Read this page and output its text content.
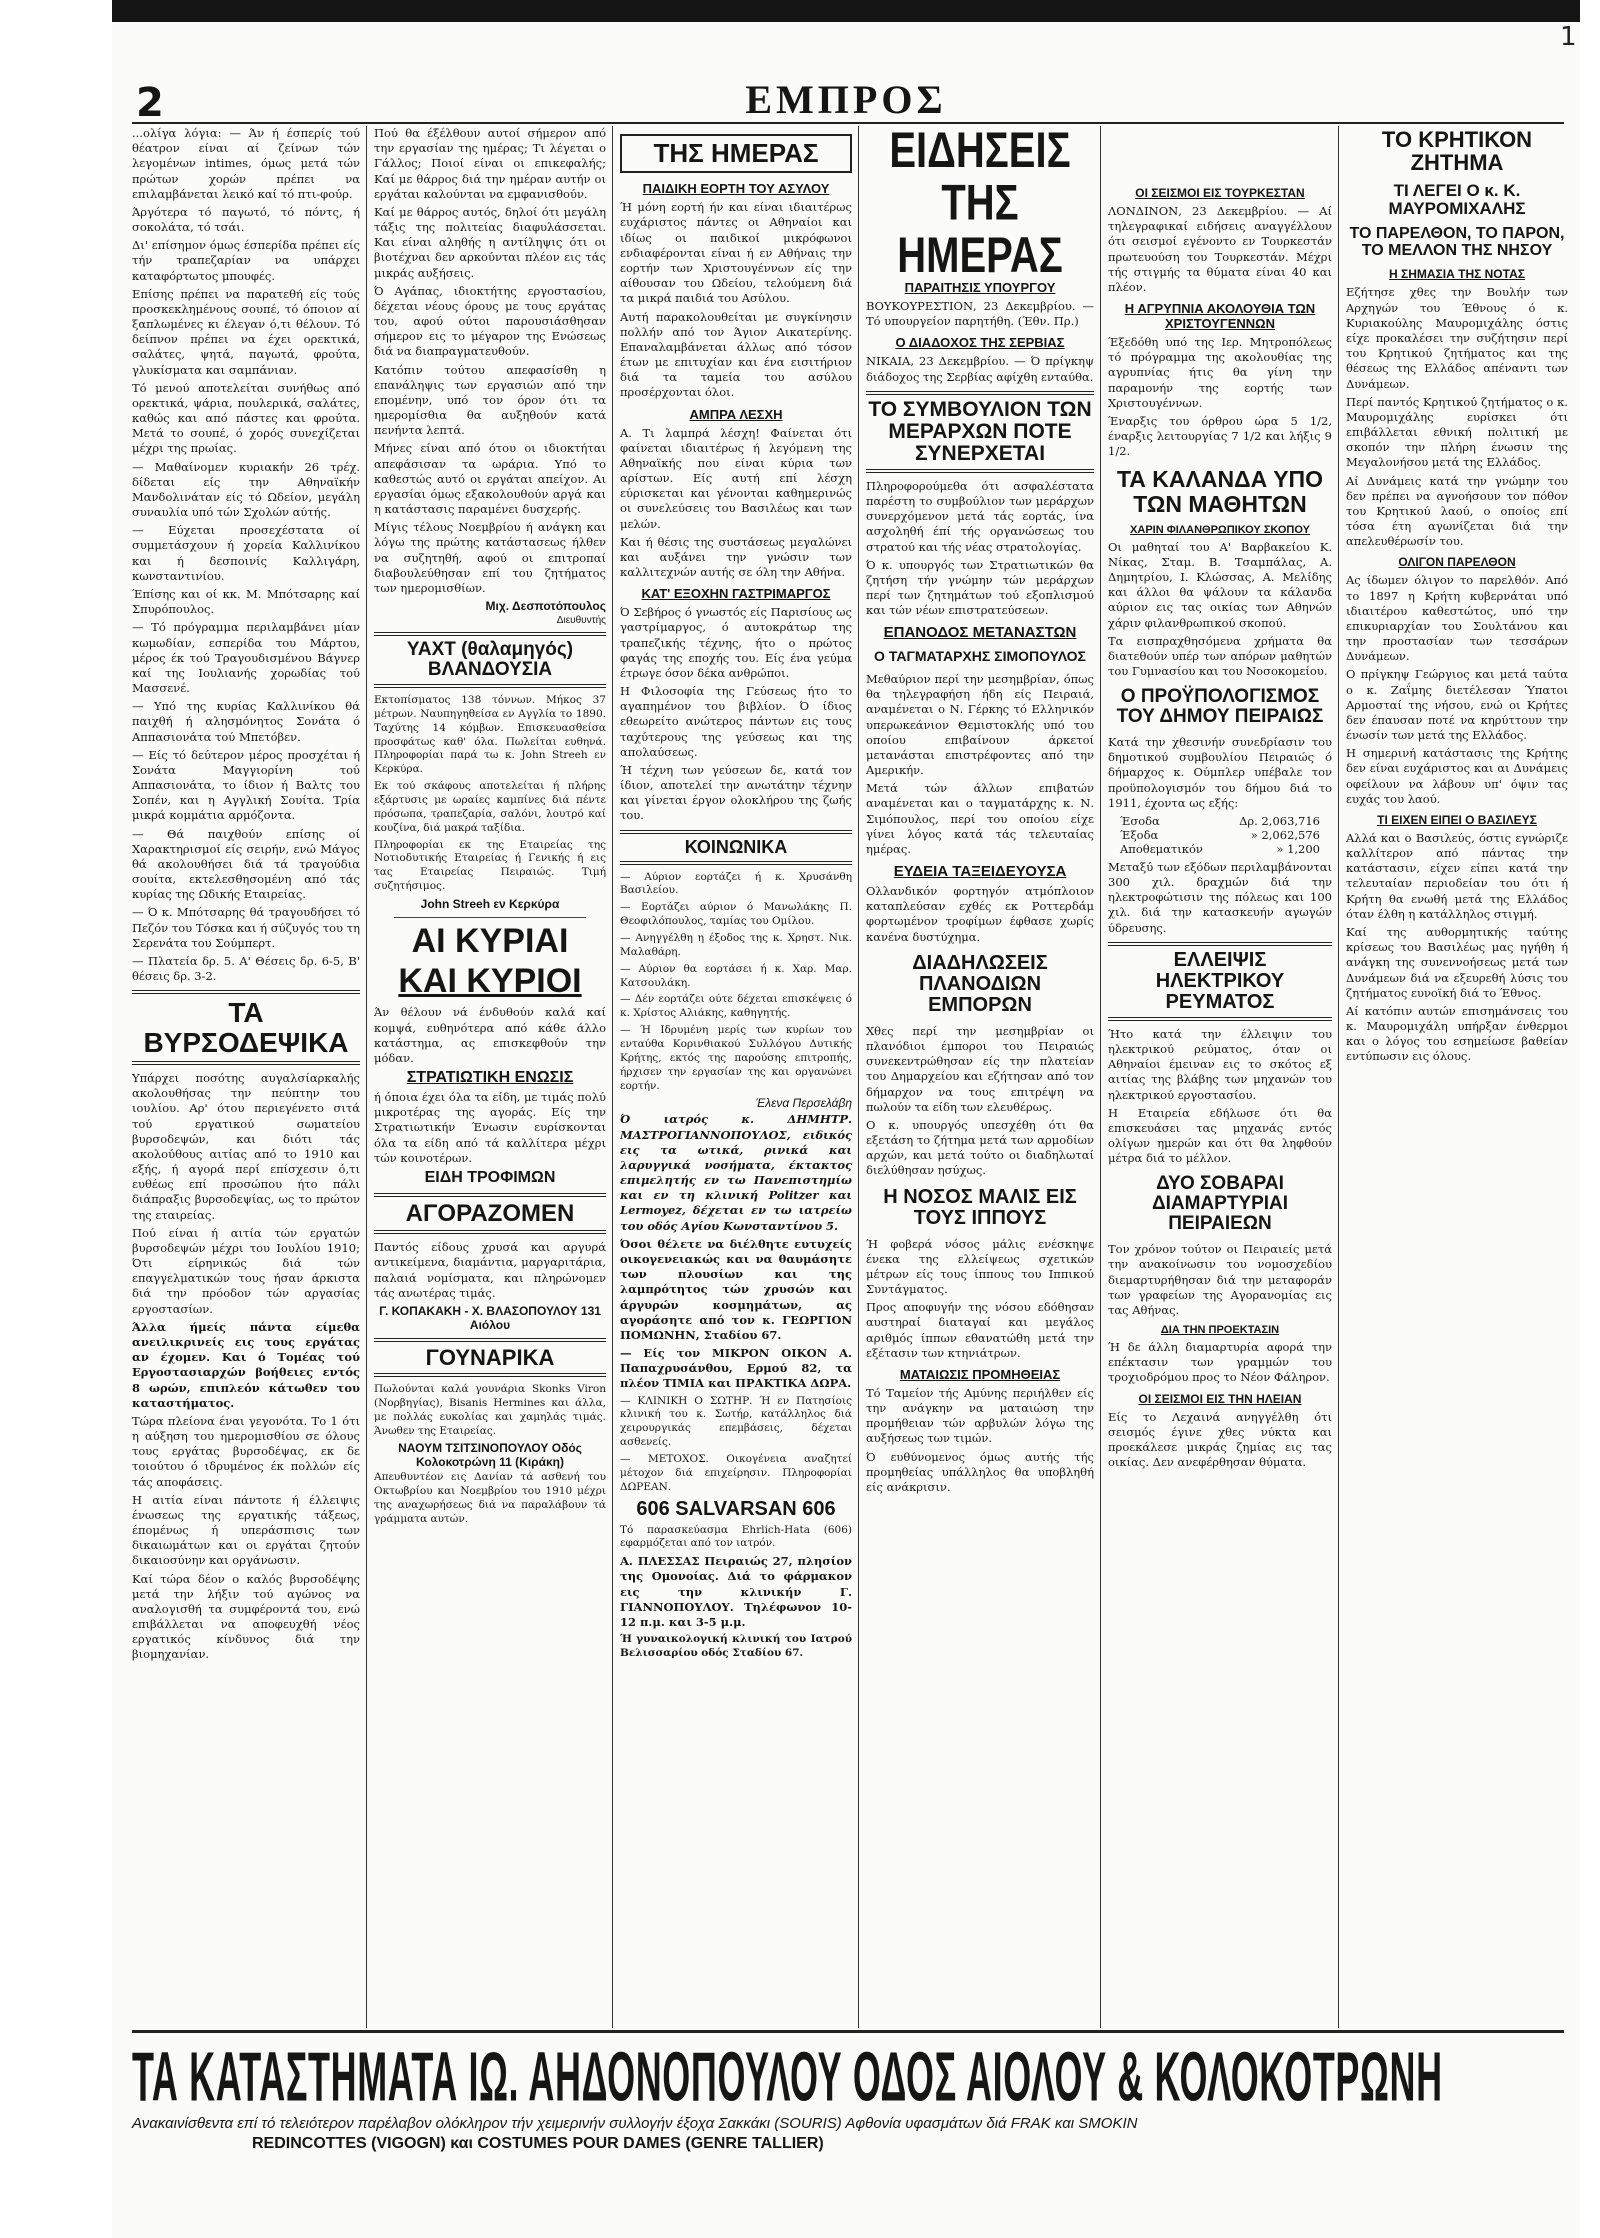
1
2	ΕΜΠΡΟΣ

...ολίγα λόγια: — Άν ή έσπερίς τού θέατρον είναι αί ζείνων τών λεγομένων intimes, όμως μετά τών πρώτων χορών πρέπει να επιλαμβάνεται λεικό καί τό πτι-φούρ.

Άργότερα τό παγωτό, τό πόντς, ή σοκολάτα, τό τσάι.

Δι' επίσημον όμως έσπερίδα πρέπει είς τήν τραπεζαρίαν να υπάρχει καταφόρτωτος μπουφές.

Επίσης πρέπει να παρατεθή είς τούς προσκεκλημένους σουπέ, τό όποιον αί ξαπλωμένες κι έλεγαν ό,τι θέλουν. Τό δείπνον πρέπει να έχει ορεκτικά, σαλάτες, ψητά, παγωτά, φρούτα, γλυκίσματα και σαμπάνιαν.

Τό μενού αποτελείται συνήθως από ορεκτικά, ψάρια, πουλερικά, σαλάτες, καθώς και από πάστες και φρούτα. Μετά το σουπέ, ό χορός συνεχίζεται μέχρι της πρωίας.

— Μαθαίνομεν κυριακήν 26 τρέχ. δίδεται είς την Αθηναϊκήν Μανδολινάταν είς τό Ωδείον, μεγάλη συναυλία υπό τών Σχολών αύτής.

— Εύχεται προσεχέστατα οί συμμετάσχουν ή χορεία Καλλινίκου και ή δεσποινίς Καλλιγάρη, κωνσταντινίου.

Έπίσης και οί κκ. Μ. Μπότσαρης καί Σπυρόπουλος.

— Τό πρόγραμμα περιλαμβάνει μίαν κωμωδίαν, εσπερίδα του Μάρτου, μέρος έκ τού Τραγουδισμένου Βάγνερ καί της Ιουλιανής χορωδίας τού Μασσενέ.

— Υπό της κυρίας Καλλινίκου θά παιχθή ή αλησμόνητος Σονάτα ό Αππασιονάτα τού Μπετόβεν.

— Είς τό δεύτερον μέρος προσχέται ή Σονάτα Μαγγιορίνη τού Αππασιονάτα, το ίδιον ή Βαλτς του Σοπέν, και η Αγγλική Σουίτα. Τρία μικρά κομμάτια αρμόζοντα.

— Θά παιχθούν επίσης οί Χαρακτηρισμοί είς σειρήν, ενώ Μάγος θά ακολουθήσει διά τά τραγούδια σουίτα, εκτελεσθησομένη από τάς κυρίας της Ωδικής Εταιρείας.

— Ό κ. Μπότσαρης θά τραγουδήσει τό Πεζόν του Τόσκα και ή σύζυγός του τη Σερενάτα του Σούμπερτ.

— Πλατεία δρ. 5. Α' Θέσεις δρ. 6-5, Β' θέσεις δρ. 3-2.

ΤΑ ΒΥΡΣΟΔΕΨΙΚΑ

Υπάρχει ποσότης αυγαλσίαρκαλής ακολουθήσας την πεύπτην του ιουλίου. Αρ' ότου περιεγένετο σιτά τού εργατικού σωματείου βυρσοδεψών, και διότι τάς ακολούθους αιτίας από το 1910 και εξής, ή αγορά περί επίσχεσιν ό,τι ευθέως επί προσώπου ήτο πάλι διάπραξις βυρσοδεψίας, ως το πρώτον της εταιρείας.

Πού είναι ή αιτία τών εργατών βυρσοδεψών μέχρι του Ιουλίου 1910; Ότι είρηνικώς διά τών επαγγελματικών τους ήσαν άρκιστα διά την πρόοδον τών αργασίας εργοστασίων.

Άλλα ήμείς πάντα είμεθα ανειλικρινείς εις τους εργάτας αν έχομεν. Και ό Τομέας τού Εργοστασιαρχών βοήθειες εντός 8 ωρών, επιπλεόν κάτωθεν του καταστήματος.

Τώρα πλείονα έναι γεγονότα. Το 1 ότι η αύξηση του ημερομισθίου σε όλους τους εργάτας βυρσοδέψας, εκ δε τοιούτου ό ιδρυμένος έκ πολλών είς τάς αποφάσεις.

Η αιτία είναι πάντοτε ή έλλειψις ένωσεως της εργατικής τάξεως, έπομένως ή υπεράσπισις των δικαιωμάτων και οι εργάται ζητούν δικαιοσύνην και οργάνωσιν.

Καί τώρα δέον ο καλός βυρσοδέψης μετά την λήξιν τού αγώνος να αναλογισθή τα συμφέροντά του, ενώ επιβάλλεται να αποφευχθή νέος εργατικός κίνδυνος διά την βιομηχανίαν.

Πού θα έξέλθουν αυτοί σήμερον από την εργασίαν της ημέρας; Τι λέγεται ο Γάλλος; Ποιοί είναι οι επικεφαλής; Καί με θάρρος διά την ημέραν αυτήν οι εργάται καλούνται να εμφανισθούν.

Καί με θάρρος αυτός, δηλοί ότι μεγάλη τάξις της πολιτείας διαφυλάσσεται. Και είναι αληθής η αντίληψις ότι οι βιοτέχναι δεν αρκούνται πλέον εις τάς μικράς αυξήσεις.

Ό Αγάπας, ιδιοκτήτης εργοστασίου, δέχεται νέους όρους με τους εργάτας του, αφού ούτοι παρουσιάσθησαν σήμερον εις το μέγαρον της Ενώσεως διά να διαπραγματευθούν.

Κατόπιν τούτου απεφασίσθη η επανάληψις των εργασιών από την επομένην, υπό τον όρον ότι τα ημερομίσθια θα αυξηθούν κατά πενήντα λεπτά.

Μήνες είναι από ότου οι ιδιοκτήται απεφάσισαν τα ωράρια. Υπό το καθεστώς αυτό οι εργάται απείχον. Αι εργασίαι όμως εξακολουθούν αργά και η κατάστασις παραμένει δυσχερής.

Μίγις τέλους Νοεμβρίου ή ανάγκη και λόγω της πρώτης κατάστασεως ήλθεν να συζητηθή, αφού οι επιτροπαί διαβουλεύθησαν επί του ζητήματος των ημερομισθίων.

Μιχ. Δεσποτόπουλος
Διευθυντής
ΥΑΧΤ (θαλαμηγός) ΒΛΑΝΔΟΥΣΙΑ

Εκτοπίσματος 138 τόννων. Μήκος 37 μέτρων. Ναυπηγηθείσα εν Αγγλία το 1890. Ταχύτης 14 κόμβων. Επισκευασθείσα προσφάτως καθ' όλα. Πωλείται ευθηνά. Πληροφορίαι παρά τω κ. John Streeh εν Κερκύρα.

Εκ τού σκάφους αποτελείται ή πλήρης εξάρτυσις με ωραίες καμπίνες διά πέντε πρόσωπα, τραπεζαρία, σαλόνι, λουτρό καί κουζίνα, διά μακρά ταξίδια.

Πληροφορίαι εκ της Εταιρείας της Νοτιοδυτικής Εταιρείας ή Γενικής ή εις τας Εταιρείας Πειραιώς. Τιμή συζητήσιμος.

John Streeh εν Κερκύρα
ΑΙ ΚΥΡΙΑΙ
ΚΑΙ ΚΥΡΙΟΙ

Άν θέλουν νά ένδυθούν καλά καί κομψά, ευθηνότερα από κάθε άλλο κατάστημα, ας επισκεφθούν την μόδαν.

ΣΤΡΑΤΙΩΤΙΚΗ ΕΝΩΣΙΣ

ή όποια έχει όλα τα είδη, με τιμάς πολύ μικροτέρας της αγοράς. Είς την Στρατιωτικήν Ένωσιν ευρίσκονται όλα τα είδη από τά καλλίτερα μέχρι τών κοινοτέρων.

ΕΙΔΗ ΤΡΟΦΙΜΩΝ
ΑΓΟΡΑΖΟΜΕΝ

Παντός είδους χρυσά και αργυρά αντικείμενα, διαμάντια, μαργαριτάρια, παλαιά νομίσματα, και πληρώνομεν τάς ανωτέρας τιμάς.

Γ. ΚΟΠΑΚΑΚΗ - Χ. ΒΛΑΣΟΠΟΥΛΟΥ 131 Αιόλου
ΓΟΥΝΑΡΙΚΑ

Πωλούνται καλά γουνάρια Skonks Viron (Νορβηγίας), Bisanis Hermines και άλλα, με πολλάς ευκολίας και χαμηλάς τιμάς. Άνωθεν της Εταιρείας.

ΝΑΟΥΜ ΤΣΙΤΣΙΝΟΠΟΥΛΟΥ Οδός Κολοκοτρώνη 11 (Κιράκη)

Απευθυντέον εις Δανίαν τά ασθενή του Οκτωβρίου και Νοεμβρίου του 1910 μέχρι της αναχωρήσεως διά να παραλάβουν τά γράμματα αυτών.

ΤΗΣ ΗΜΕΡΑΣ
ΠΑΙΔΙΚΗ ΕΟΡΤΗ ΤΟΥ ΑΣΥΛΟΥ

Ή μόνη εορτή ήν και είναι ιδιαιτέρως ευχάριστος πάντες οι Αθηναίοι και ιδίως οι παιδικοί μικρόφωνοι ενδιαφέρονται είναι ή εν Αθήναις την εορτήν των Χριστουγέννων είς την αίθουσαν του Ωδείου, τελούμενη διά τα μικρά παιδιά του Ασύλου.

Αυτή παρακολουθείται με συγκίνησιν πολλήν από τον Άγιον Αικατερίνης. Επαναλαμβάνεται άλλως από τόσον έτων με επιτυχίαν και ένα εισιτήριον διά τα ταμεία του ασύλου προσέρχονται όλοι.

ΑΜΠΡΑ ΛΕΣΧΗ

Α. Τι λαμπρά λέσχη! Φαίνεται ότι φαίνεται ιδιαιτέρως ή λεγόμενη της Αθηναϊκής που είναι κύρια των αρίστων. Είς αυτή επί λέσχη εύρισκεται και γένονται καθημερινώς οι συνελεύσεις του Βασιλέως και των μελών.

Και ή θέσις της συστάσεως μεγαλώνει και αυξάνει την γνώσιν των καλλιτεχνών αυτής σε όλη την Αθήνα.

ΚΑΤ' ΕΞΟΧΗΝ ΓΑΣΤΡΙΜΑΡΓΟΣ

Ό Σεβήρος ό γνωστός είς Παρισίους ως γαστρίμαργος, ό αυτοκράτωρ της τραπεζικής τέχνης, ήτο ο πρώτος φαγάς της εποχής του. Είς ένα γεύμα έτρωγε όσον δέκα ανθρώποι.

Η Φιλοσοφία της Γεύσεως ήτο το αγαπημένον του βιβλίον. Ό ίδιος εθεωρείτο ανώτερος πάντων εις τους ταχύτερους της γεύσεως και της απολαύσεως.

Ή τέχνη των γεύσεων δε, κατά τον ίδιον, αποτελεί την ανωτάτην τέχνην και γίνεται έργον ολοκλήρου της ζωής του.

ΚΟΙΝΩΝΙΚΑ

— Αύριον εορτάζει ή κ. Χρυσάνθη Βασιλείου.

— Εορτάζει αύριον ό Μανωλάκης Π. Θεοφιλόπουλος, ταμίας του Ομίλου.

— Ανηγγέλθη η έξοδος της κ. Χρηστ. Νικ. Μαλαθάρη.

— Αύριον θα εορτάσει ή κ. Χαρ. Μαρ. Κατσουλάκη.

— Δέν εορτάζει ούτε δέχεται επισκέψεις ό κ. Χρίστος Αλιάκης, καθηγητής.

— Ή Ιδρυμένη μερίς των κυρίων του ενταύθα Κορινθιακού Συλλόγου Δυτικής Κρήτης, εκτός της παρούσης επιτροπής, ήρχισεν την εργασίαν της και οργανώνει εορτήν.

Έλενα Περσελάβη

Ό ιατρός κ. ΔΗΜΗΤΡ. ΜΑΣΤΡΟΓΙΑΝΝΟΠΟΥΛΟΣ, ειδικός εις τα ωτικά, ρινικά και λαρυγγικά νοσήματα, έκτακτος επιμελητής εν τω Πανεπιστημίω και εν τη κλινική Politzer και Lermoyez, δέχεται εν τω ιατρείω του οδός Αγίου Κωνσταντίνου 5.

Όσοι θέλετε να διέλθητε ευτυχείς οικογενειακώς και να θαυμάσητε των πλουσίων και της λαμπρότητος τών χρυσών και άργυρών κοσμημάτων, ας αγοράσητε από τον κ. ΓΕΩΡΓΙΟΝ ΠΟΜΩΝΗΝ, Σταδίου 67.

— Είς τον ΜΙΚΡΟΝ ΟΙΚΟΝ Α. Παπαχρυσάνθου, Ερμού 82, τα πλέον ΤΙΜΙΑ και ΠΡΑΚΤΙΚΑ ΔΩΡΑ.

— ΚΛΙΝΙΚΗ Ο ΣΩΤΗΡ. Ή εν Πατησίοις κλινική του κ. Σωτήρ, κατάλληλος διά χειρουργικάς επεμβάσεις, δέχεται ασθενείς.

— ΜΕΤΟΧΟΣ. Οικογένεια αναζητεί μέτοχον διά επιχείρησιν. Πληροφορίαι ΔΩΡΕΑΝ.

606 SALVARSAN 606

Τό παρασκεύασμα Ehrlich-Hata (606) εφαρμόζεται από τον ιατρόν.

Α. ΠΛΕΣΣΑΣ Πειραιώς 27, πλησίον της Ομονοίας. Διά το φάρμακον εις την κλινικήν Γ. ΓΙΑΝΝΟΠΟΥΛΟΥ. Τηλέφωνον 10-12 π.μ. και 3-5 μ.μ.

Ή γυναικολογική κλινική του Ιατρού Βελισσαρίου οδός Σταδίου 67.

ΕΙΔΗΣΕΙΣ ΤΗΣ ΗΜΕΡΑΣ
ΠΑΡΑΙΤΗΣΙΣ ΥΠΟΥΡΓΟΥ

ΒΟΥΚΟΥΡΕΣΤΙΟΝ, 23 Δεκεμβρίου. — Τό υπουργείον παρητήθη. (Έθν. Πρ.)

Ο ΔΙΑΔΟΧΟΣ ΤΗΣ ΣΕΡΒΙΑΣ

ΝΙΚΑΙΑ, 23 Δεκεμβρίου. — Ό πρίγκηψ διάδοχος της Σερβίας αφίχθη ενταύθα.

ΤΟ ΣΥΜΒΟΥΛΙΟΝ ΤΩΝ ΜΕΡΑΡΧΩΝ ΠΟΤΕ ΣΥΝΕΡΧΕΤΑΙ

Πληροφορούμεθα ότι ασφαλέστατα παρέστη το συμβούλιον των μεράρχων συνερχόμενον μετά τάς εορτάς, ίνα ασχοληθή έπί τής οργανώσεως του στρατού και τής νέας στρατολογίας.

Ό κ. υπουργός των Στρατιωτικών θα ζητήση τήν γνώμην τών μεράρχων περί των ζητημάτων τού εξοπλισμού και τών νέων επιστρατεύσεων.

ΕΠΑΝΟΔΟΣ ΜΕΤΑΝΑΣΤΩΝ
Ο ΤΑΓΜΑΤΑΡΧΗΣ ΣΙΜΟΠΟΥΛΟΣ

Μεθαύριον περί την μεσημβρίαν, όπως θα τηλεγραφήση ήδη είς Πειραιά, αναμένεται ο Ν. Γέρκης τό Ελληνικόν υπερωκεάνιον Θεμιστοκλής υπό του οποίου επιβαίνουν άρκετοί μετανάσται επιστρέφοντες από την Αμερικήν.

Μετά τών άλλων επιβατών αναμένεται και ο ταγματάρχης κ. Ν. Σιμόπουλος, περί του οποίου είχε γίνει λόγος κατά τάς τελευταίας ημέρας.

ΕΥΔΕΙΑ ΤΑΞΕΙΔΕΥΟΥΣΑ

Ολλανδικόν φορτηγόν ατμόπλοιον καταπλεύσαν εχθές εκ Ροττερδάμ φορτωμένον τροφίμων έφθασε χωρίς κανένα δυστύχημα.

ΔΙΑΔΗΛΩΣΕΙΣ ΠΛΑΝΟΔΙΩΝ ΕΜΠΟΡΩΝ

Χθες περί την μεσημβρίαν οι πλανόδιοι έμποροι του Πειραιώς συνεκεντρώθησαν είς την πλατείαν του Δημαρχείου και εζήτησαν από τον δήμαρχον να τους επιτρέψη να πωλούν τα είδη των ελευθέρως.

Ο κ. υπουργός υπεσχέθη ότι θα εξετάση το ζήτημα μετά των αρμοδίων αρχών, και μετά τούτο οι διαδηλωταί διελύθησαν ησύχως.

Η ΝΟΣΟΣ ΜΑΛΙΣ ΕΙΣ ΤΟΥΣ ΙΠΠΟΥΣ

Ή φοβερά νόσος μάλις ενέσκηψε ένεκα της ελλείψεως σχετικών μέτρων είς τους ίππους του Ιππικού Συντάγματος.

Προς αποφυγήν της νόσου εδόθησαν αυστηραί διαταγαί και μεγάλος αριθμός ίππων εθανατώθη μετά την εξέτασιν των κτηνιάτρων.

ΜΑΤΑΙΩΣΙΣ ΠΡΟΜΗΘΕΙΑΣ

Τό Ταμείον τής Αμύνης περιήλθεν είς την ανάγκην να ματαιώση την προμήθειαν τών αρβυλών λόγω της αυξήσεως των τιμών.

Ό ευθύνομενος όμως αυτής τής προμηθείας υπάλληλος θα υποβληθή είς ανάκρισιν.

ΟΙ ΣΕΙΣΜΟΙ ΕΙΣ ΤΟΥΡΚΕΣΤΑΝ

ΛΟΝΔΙΝΟΝ, 23 Δεκεμβρίου. — Αί τηλεγραφικαί ειδήσεις αναγγέλλουν ότι σεισμοί εγένοντο εν Τουρκεστάν πρωτευούση του Τουρκεστάν. Μέχρι τής στιγμής τα θύματα είναι 40 και πλέον.

Η ΑΓΡΥΠΝΙΑ ΑΚΟΛΟΥΘΙΑ ΤΩΝ ΧΡΙΣΤΟΥΓΕΝΝΩΝ

Έξεδόθη υπό της Ιερ. Μητροπόλεως τό πρόγραμμα της ακολουθίας της αγρυπνίας ήτις θα γίνη την παραμονήν της εορτής των Χριστουγέννων.

Έναρξις του όρθρου ώρα 5 1/2, έναρξις λειτουργίας 7 1/2 και λήξις 9 1/2.

ΤΑ ΚΑΛΑΝΔΑ ΥΠΟ ΤΩΝ ΜΑΘΗΤΩΝ
ΧΑΡΙΝ ΦΙΛΑΝΘΡΩΠΙΚΟΥ ΣΚΟΠΟΥ

Οι μαθηταί του Α' Βαρβακείου Κ. Νίκας, Σταμ. Β. Τσαμπάλας, Α. Δημητρίου, Ι. Κλώσσας, Α. Μελίδης και άλλοι θα ψάλουν τα κάλανδα αύριον εις τας οικίας των Αθηνών χάριν φιλανθρωπικού σκοπού.

Τα εισπραχθησόμενα χρήματα θα διατεθούν υπέρ των απόρων μαθητών του Γυμνασίου και του Νοσοκομείου.

Ο ΠΡΟΫΠΟΛΟΓΙΣΜΟΣ ΤΟΥ ΔΗΜΟΥ ΠΕΙΡΑΙΩΣ

Κατά την χθεσινήν συνεδρίασιν του δημοτικού συμβουλίου Πειραιώς ό δήμαρχος κ. Ούμπλερ υπέβαλε τον προϋπολογισμόν του δήμου διά το 1911, έχοντα ως εξής:

Έσοδα	Δρ. 2,063,716
Έξοδα	» 2,062,576
Αποθεματικόν	» 1,200

Μεταξύ των εξόδων περιλαμβάνονται 300 χιλ. δραχμών διά την ηλεκτροφώτισιν της πόλεως και 100 χιλ. διά την κατασκευήν αγωγών ύδρευσης.

ΕΛΛΕΙΨΙΣ ΗΛΕΚΤΡΙΚΟΥ ΡΕΥΜΑΤΟΣ

Ήτο κατά την έλλειψιν του ηλεκτρικού ρεύματος, όταν οι Αθηναίοι έμειναν εις το σκότος εξ αιτίας της βλάβης των μηχανών του ηλεκτρικού εργοστασίου.

Η Εταιρεία εδήλωσε ότι θα επισκευάσει τας μηχανάς εντός ολίγων ημερών και ότι θα ληφθούν μέτρα διά το μέλλον.

ΔΥΟ ΣΟΒΑΡΑΙ ΔΙΑΜΑΡΤΥΡΙΑΙ ΠΕΙΡΑΙΕΩΝ

Τον χρόνον τούτον οι Πειραιείς μετά την ανακοίνωσιν του νομοσχεδίου διεμαρτυρήθησαν διά την μεταφοράν των γραφείων της Αγορανομίας εις τας Αθήνας.

ΔΙΑ ΤΗΝ ΠΡΟΕΚΤΑΣΙΝ

Ή δε άλλη διαμαρτυρία αφορά την επέκτασιν των γραμμών του τροχιοδρόμου προς το Νέον Φάληρον.

ΟΙ ΣΕΙΣΜΟΙ ΕΙΣ ΤΗΝ ΗΛΕΙΑΝ

Είς το Λεχαινά ανηγγέλθη ότι σεισμός έγινε χθες νύκτα και προεκάλεσε μικράς ζημίας εις τας οικίας. Δεν ανεφέρθησαν θύματα.

ΤΟ ΚΡΗΤΙΚΟΝ ΖΗΤΗΜΑ
ΤΙ ΛΕΓΕΙ Ο κ. Κ. ΜΑΥΡΟΜΙΧΑΛΗΣ
ΤΟ ΠΑΡΕΛΘΟΝ, ΤΟ ΠΑΡΟΝ, ΤΟ ΜΕΛΛΟΝ ΤΗΣ ΝΗΣΟΥ
Η ΣΗΜΑΣΙΑ ΤΗΣ ΝΟΤΑΣ

Εζήτησε χθες την Βουλήν των Αρχηγών του Έθνους ό κ. Κυριακούλης Μαυρομιχάλης όστις είχε προκαλέσει την συζήτησιν περί του Κρητικού ζητήματος και της θέσεως της Ελλάδος απέναντι των Δυνάμεων.

Περί παντός Κρητικού ζητήματος ο κ. Μαυρομιχάλης ευρίσκει ότι επιβάλλεται εθνική πολιτική με σκοπόν την πλήρη ένωσιν της Μεγαλονήσου μετά της Ελλάδος.

Αί Δυνάμεις κατά την γνώμην του δεν πρέπει να αγνοήσουν τον πόθον του Κρητικού λαού, ο οποίος επί τόσα έτη αγωνίζεται διά την απελευθέρωσίν του.

ΟΛΙΓΟΝ ΠΑΡΕΛΘΟΝ

Ας ίδωμεν όλιγον το παρελθόν. Από το 1897 η Κρήτη κυβερνάται υπό ιδιαιτέρου καθεστώτος, υπό την επικυριαρχίαν του Σουλτάνου και την προστασίαν των τεσσάρων Δυνάμεων.

Ο πρίγκηψ Γεώργιος και μετά ταύτα ο κ. Ζαΐμης διετέλεσαν Ύπατοι Αρμοσταί της νήσου, ενώ οι Κρήτες δεν έπαυσαν ποτέ να κηρύττουν την ένωσίν των μετά της Ελλάδος.

Η σημερινή κατάστασις της Κρήτης δεν είναι ευχάριστος και αι Δυνάμεις οφείλουν να λάβουν υπ' όψιν τας ευχάς του λαού.

ΤΙ ΕΙΧΕΝ ΕΙΠΕΙ Ο ΒΑΣΙΛΕΥΣ

Αλλά και ο Βασιλεύς, όστις εγνώριζε καλλίτερον από πάντας την κατάστασιν, είχεν είπει κατά την τελευταίαν περιοδείαν του ότι ή Κρήτη θα ενωθή μετά της Ελλάδος όταν έλθη η κατάλληλος στιγμή.

Καί της αυθορμητικής ταύτης κρίσεως του Βασιλέως μας ηγήθη ή ανάγκη της συνεννοήσεως μετά των Δυνάμεων διά να εξευρεθή λύσις του ζητήματος ευνοϊκή διά το Έθνος.

Αί κατόπιν αυτών επισημάνσεις του κ. Μαυρομιχάλη υπήρξαν ένθερμοι και ο λόγος του εσημείωσε βαθείαν εντύπωσιν εις όλους.

ΤΑ ΚΑΤΑΣΤΗΜΑΤΑ ΙΩ. ΑΗΔΟΝΟΠΟΥΛΟΥ ΟΔΟΣ ΑΙΟΛΟΥ & ΚΟΛΟΚΟΤΡΩΝΗ
Ανακαινίσθεντα επί τό τελειότερον παρέλαβον ολόκληρον τήν χειμερινήν συλλογήν έξοχα Σακκάκι (SOURIS) Αφθονία υφασμάτων διά FRAK και SMOKIN
REDINCOTTES (VIGOGN) και COSTUMES POUR DAMES (GENRE TALLIER)
